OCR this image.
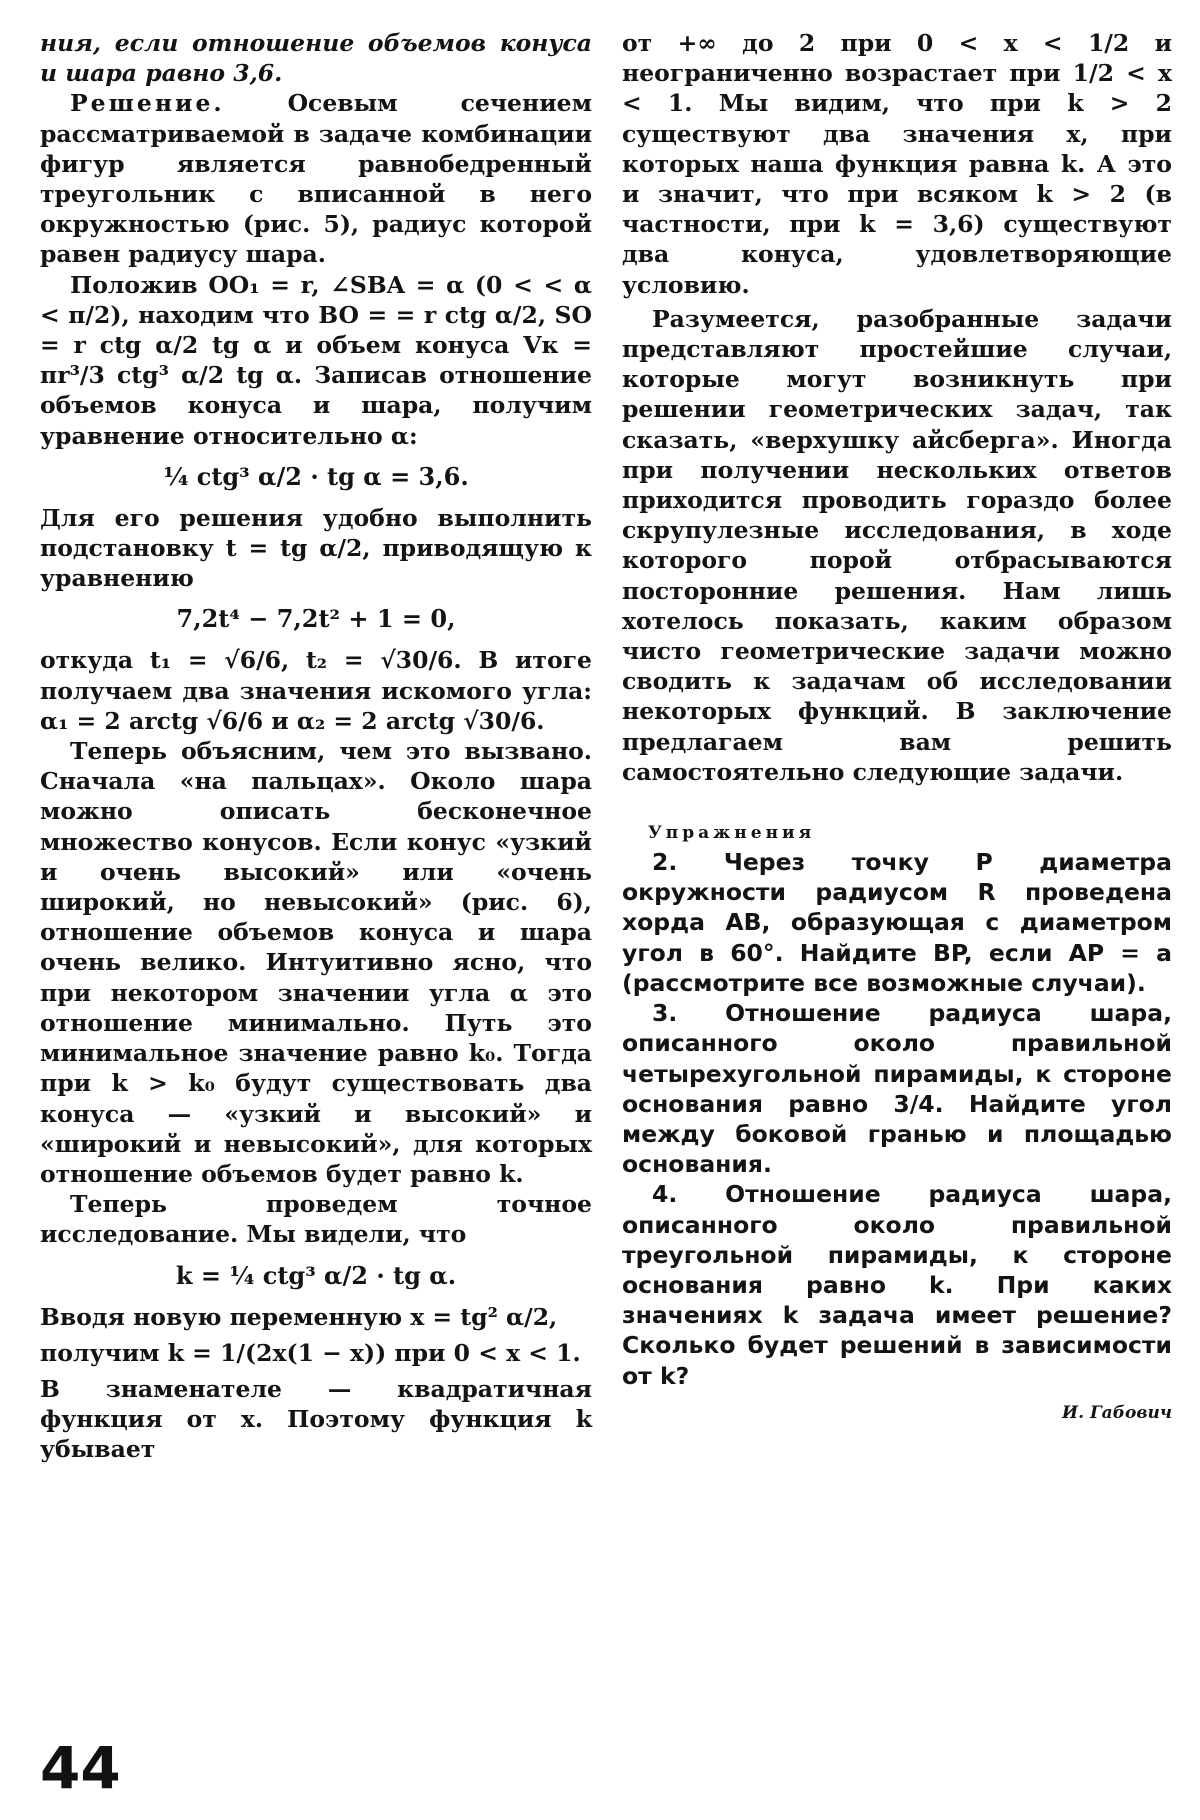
ния, если отношение объемов конуса и шара равно 3,6.

Решение. Осевым сечением рассматриваемой в задаче комбинации фигур является равнобедренный треугольник с вписанной в него окружностью (рис. 5), радиус которой равен радиусу шара.

Положив OO₁ = r, ∠SBA = α (0 < < α < π/2), находим что BO = = r ctg α/2, SO = r ctg α/2 tg α и объем конуса Vк = πr³/3 ctg³ α/2 tg α. Записав отношение объемов конуса и шара, получим уравнение относительно α:

¼ ctg³ α/2 · tg α = 3,6.

Для его решения удобно выполнить подстановку t = tg α/2, приводящую к уравнению

7,2t⁴ − 7,2t² + 1 = 0,

откуда t₁ = √6/6, t₂ = √30/6. В итоге получаем два значения искомого угла: α₁ = 2 arctg √6/6 и α₂ = 2 arctg √30/6.

Теперь объясним, чем это вызвано. Сначала «на пальцах». Около шара можно описать бесконечное множество конусов. Если конус «узкий и очень высокий» или «очень широкий, но невысокий» (рис. 6), отношение объемов конуса и шара очень велико. Интуитивно ясно, что при некотором значении угла α это отношение минимально. Путь это минимальное значение равно k₀. Тогда при k > k₀ будут существовать два конуса — «узкий и высокий» и «широкий и невысокий», для которых отношение объемов будет равно k.

Теперь проведем точное исследование. Мы видели, что

k = ¼ ctg³ α/2 · tg α.

Вводя новую переменную x = tg² α/2,

получим k = 1/(2x(1 − x)) при 0 < x < 1.

В знаменателе — квадратичная функция от x. Поэтому функция k убывает

от +∞ до 2 при 0 < x < 1/2 и неограниченно возрастает при 1/2 < x < 1. Мы видим, что при k > 2 существуют два значения x, при которых наша функция равна k. А это и значит, что при всяком k > 2 (в частности, при k = 3,6) существуют два конуса, удовлетворяющие условию.

Разумеется, разобранные задачи представляют простейшие случаи, которые могут возникнуть при решении геометрических задач, так сказать, «верхушку айсберга». Иногда при получении нескольких ответов приходится проводить гораздо более скрупулезные исследования, в ходе которого порой отбрасываются посторонние решения. Нам лишь хотелось показать, каким образом чисто геометрические задачи можно сводить к задачам об исследовании некоторых функций. В заключение предлагаем вам решить самостоятельно следующие задачи.

Упражнения

2. Через точку P диаметра окружности радиусом R проведена хорда AB, образующая с диаметром угол в 60°. Найдите BP, если AP = a (рассмотрите все возможные случаи).

3. Отношение радиуса шара, описанного около правильной четырехугольной пирамиды, к стороне основания равно 3/4. Найдите угол между боковой гранью и площадью основания.

4. Отношение радиуса шара, описанного около правильной треугольной пирамиды, к стороне основания равно k. При каких значениях k задача имеет решение? Сколько будет решений в зависимости от k?

И. Габович
44
